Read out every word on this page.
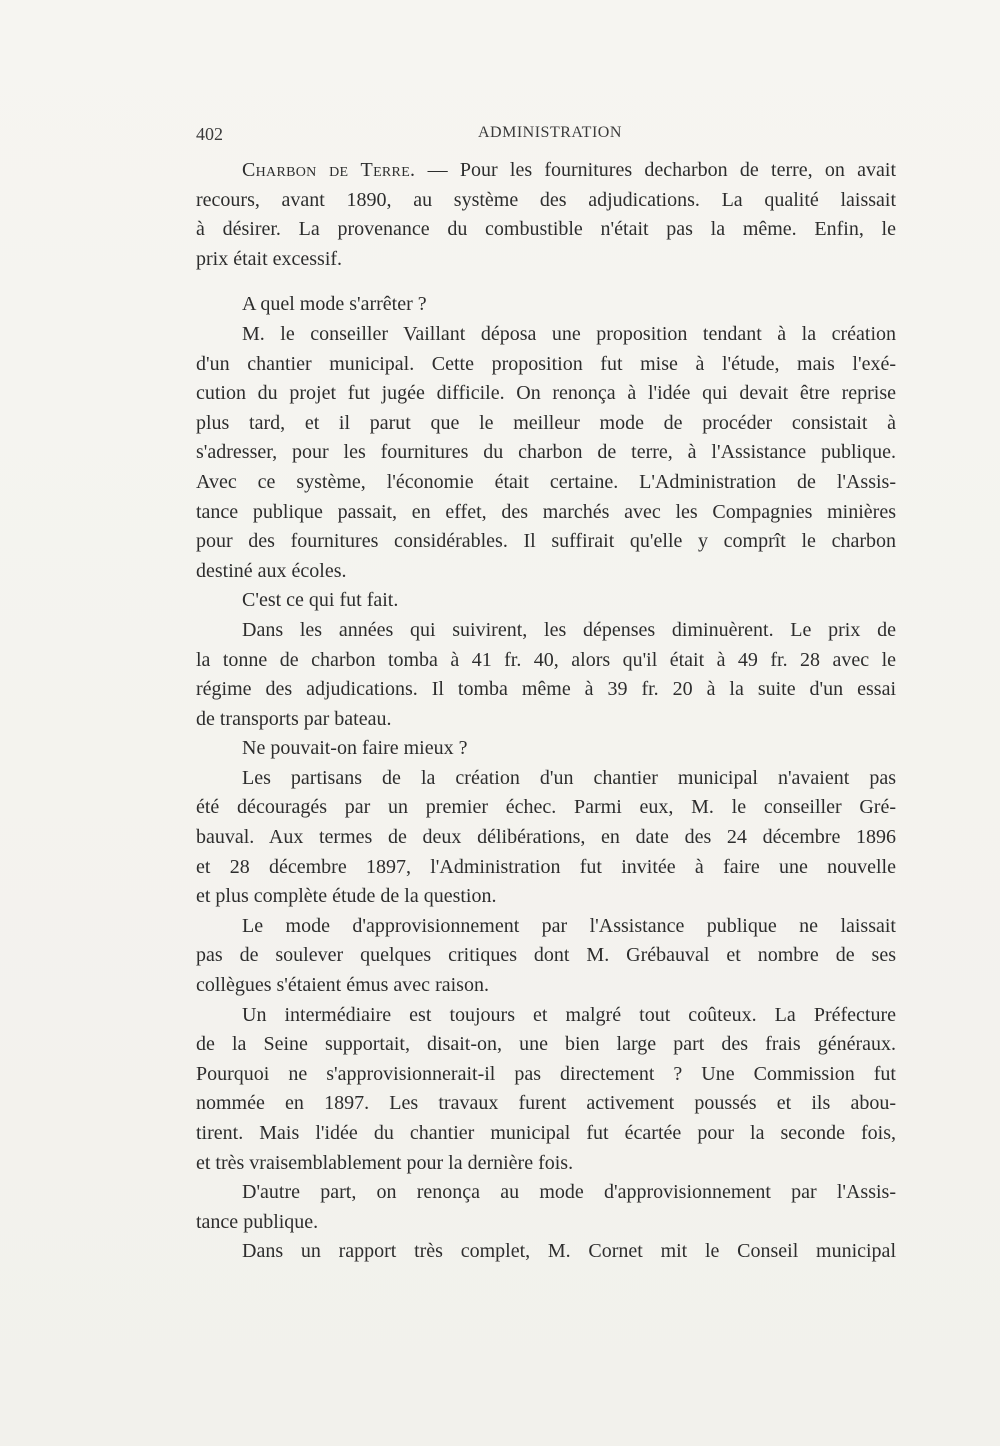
402	ADMINISTRATION
Charbon de Terre. — Pour les fournitures decharbon de terre, on avait
recours, avant 1890, au système des adjudications. La qualité laissait
à désirer. La provenance du combustible n'était pas la même. Enfin, le
prix était excessif.
A quel mode s'arrêter ?
M. le conseiller Vaillant déposa une proposition tendant à la création
d'un chantier municipal. Cette proposition fut mise à l'étude, mais l'exé-
cution du projet fut jugée difficile. On renonça à l'idée qui devait être reprise
plus tard, et il parut que le meilleur mode de procéder consistait à
s'adresser, pour les fournitures du charbon de terre, à l'Assistance publique.
Avec ce système, l'économie était certaine. L'Administration de l'Assis-
tance publique passait, en effet, des marchés avec les Compagnies minières
pour des fournitures considérables. Il suffirait qu'elle y comprît le charbon
destiné aux écoles.
C'est ce qui fut fait.
Dans les années qui suivirent, les dépenses diminuèrent. Le prix de
la tonne de charbon tomba à 41 fr. 40, alors qu'il était à 49 fr. 28 avec le
régime des adjudications. Il tomba même à 39 fr. 20 à la suite d'un essai
de transports par bateau.
Ne pouvait-on faire mieux ?
Les partisans de la création d'un chantier municipal n'avaient pas
été découragés par un premier échec. Parmi eux, M. le conseiller Gré-
bauval. Aux termes de deux délibérations, en date des 24 décembre 1896
et 28 décembre 1897, l'Administration fut invitée à faire une nouvelle
et plus complète étude de la question.
Le mode d'approvisionnement par l'Assistance publique ne laissait
pas de soulever quelques critiques dont M. Grébauval et nombre de ses
collègues s'étaient émus avec raison.
Un intermédiaire est toujours et malgré tout coûteux. La Préfecture
de la Seine supportait, disait-on, une bien large part des frais généraux.
Pourquoi ne s'approvisionnerait-il pas directement ? Une Commission fut
nommée en 1897. Les travaux furent activement poussés et ils abou-
tirent. Mais l'idée du chantier municipal fut écartée pour la seconde fois,
et très vraisemblablement pour la dernière fois.
D'autre part, on renonça au mode d'approvisionnement par l'Assis-
tance publique.
Dans un rapport très complet, M. Cornet mit le Conseil municipal
